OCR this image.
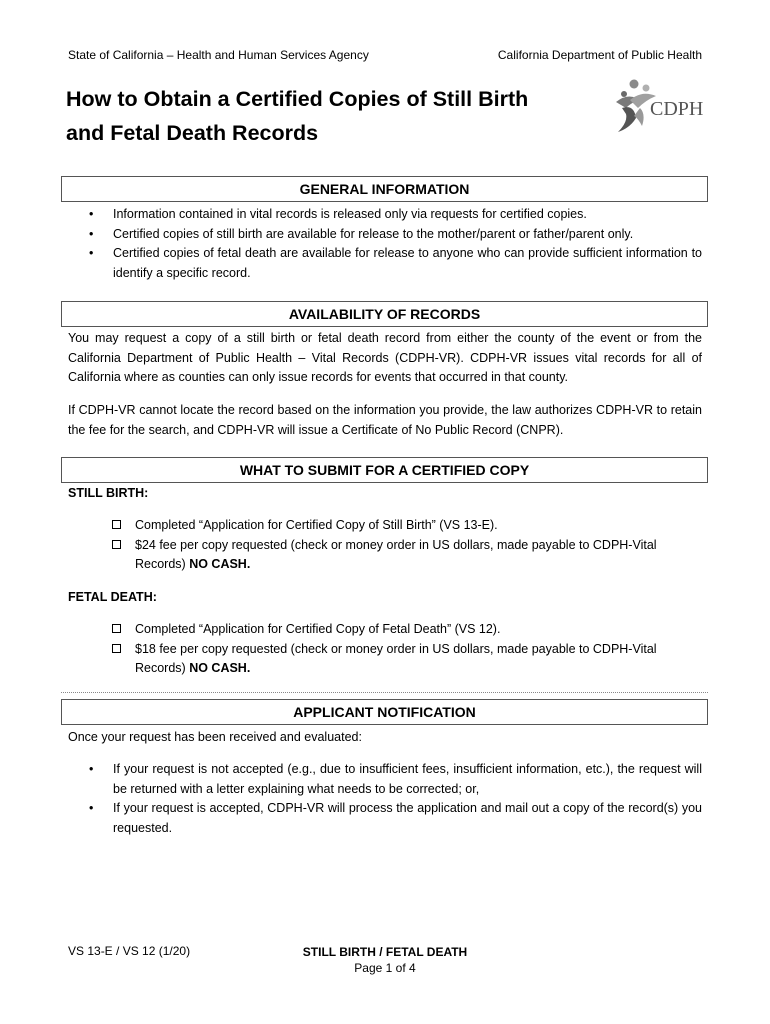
State of California – Health and Human Services Agency	California Department of Public Health
How to Obtain a Certified Copies of Still Birth
and Fetal Death Records
CDPH
GENERAL INFORMATION
• Information contained in vital records is released only via requests for certified copies.
• Certified copies of still birth are available for release to the mother/parent or father/parent only.
• Certified copies of fetal death are available for release to anyone who can provide sufficient information to identify a specific record.
AVAILABILITY OF RECORDS
You may request a copy of a still birth or fetal death record from either the county of the event or from the California Department of Public Health – Vital Records (CDPH-VR). CDPH-VR issues vital records for all of California where as counties can only issue records for events that occurred in that county.
If CDPH-VR cannot locate the record based on the information you provide, the law authorizes CDPH-VR to retain the fee for the search, and CDPH-VR will issue a Certificate of No Public Record (CNPR).
WHAT TO SUBMIT FOR A CERTIFIED COPY
STILL BIRTH:
Completed “Application for Certified Copy of Still Birth” (VS 13-E).
$24 fee per copy requested (check or money order in US dollars, made payable to CDPH-Vital Records) NO CASH.
FETAL DEATH:
Completed “Application for Certified Copy of Fetal Death” (VS 12).
$18 fee per copy requested (check or money order in US dollars, made payable to CDPH-Vital Records) NO CASH.
APPLICANT NOTIFICATION
Once your request has been received and evaluated:
• If your request is not accepted (e.g., due to insufficient fees, insufficient information, etc.), the request will be returned with a letter explaining what needs to be corrected; or,
• If your request is accepted, CDPH-VR will process the application and mail out a copy of the record(s) you requested.
VS 13-E / VS 12 (1/20)	STILL BIRTH / FETAL DEATH
Page 1 of 4
